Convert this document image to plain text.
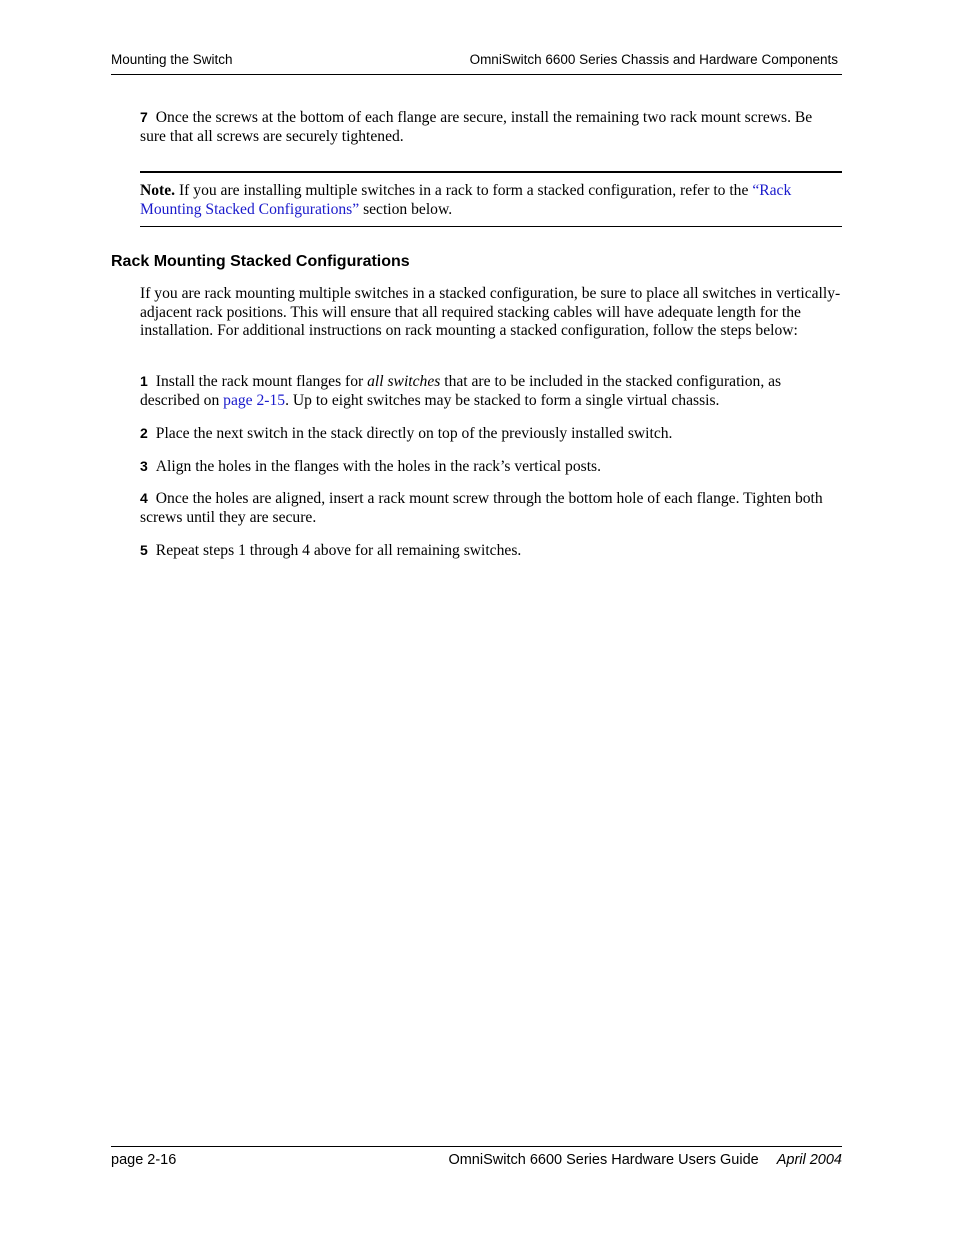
Mounting the Switch	OmniSwitch 6600 Series Chassis and Hardware Components
7 Once the screws at the bottom of each flange are secure, install the remaining two rack mount screws. Be sure that all screws are securely tightened.
Note. If you are installing multiple switches in a rack to form a stacked configuration, refer to the “Rack Mounting Stacked Configurations” section below.
Rack Mounting Stacked Configurations
If you are rack mounting multiple switches in a stacked configuration, be sure to place all switches in vertically-adjacent rack positions. This will ensure that all required stacking cables will have adequate length for the installation. For additional instructions on rack mounting a stacked configuration, follow the steps below:
1 Install the rack mount flanges for all switches that are to be included in the stacked configuration, as described on page 2-15. Up to eight switches may be stacked to form a single virtual chassis.
2 Place the next switch in the stack directly on top of the previously installed switch.
3 Align the holes in the flanges with the holes in the rack’s vertical posts.
4 Once the holes are aligned, insert a rack mount screw through the bottom hole of each flange. Tighten both screws until they are secure.
5 Repeat steps 1 through 4 above for all remaining switches.
page 2-16	OmniSwitch 6600 Series Hardware Users Guide April 2004
